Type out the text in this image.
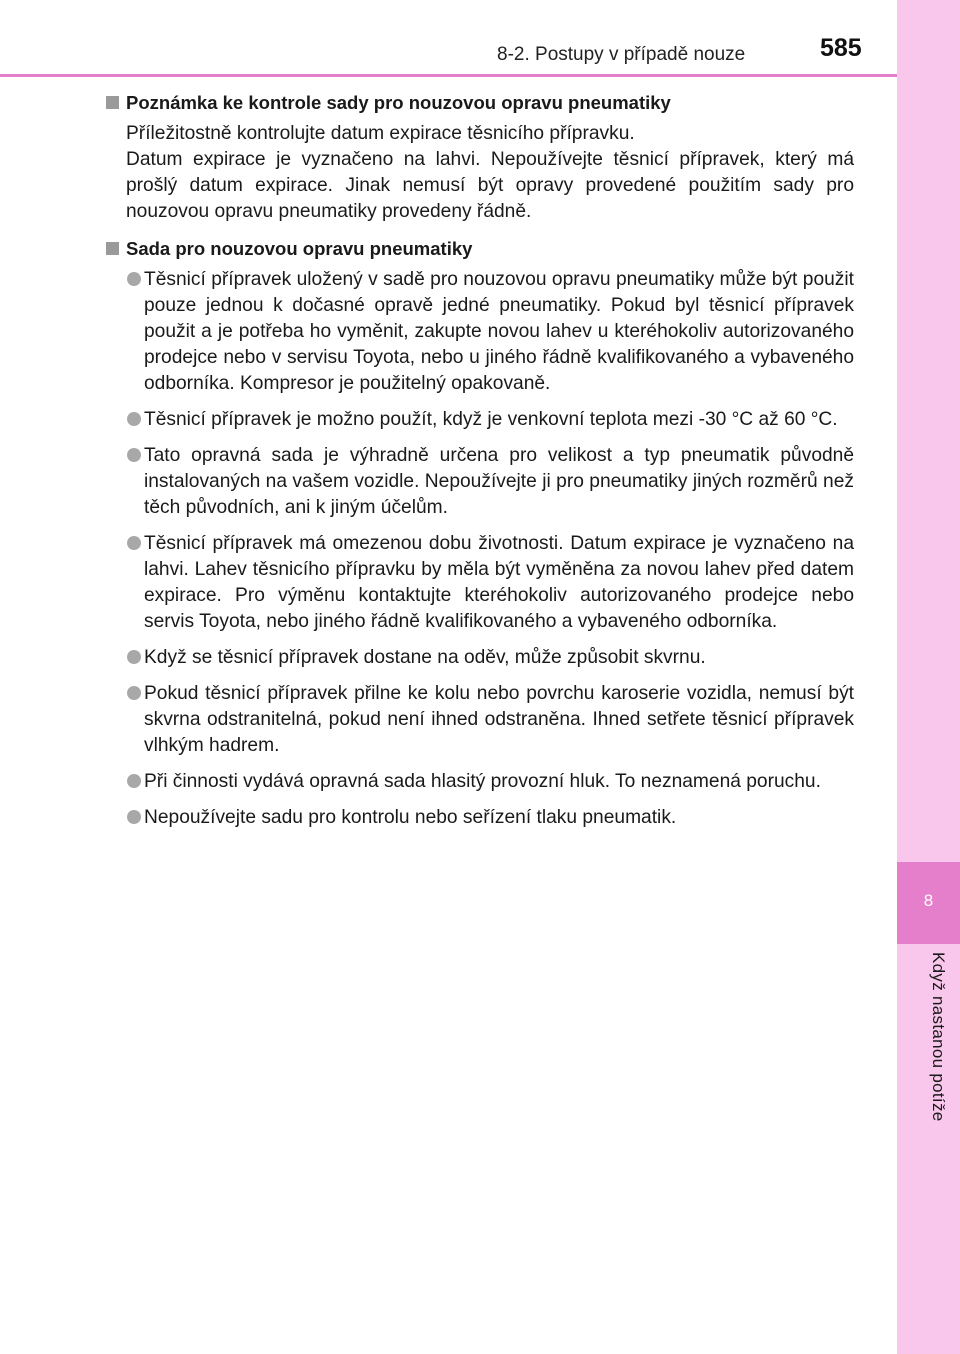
8
Když nastanou potíže
8-2. Postupy v případě nouze	585
Poznámka ke kontrole sady pro nouzovou opravu pneumatiky
Příležitostně kontrolujte datum expirace těsnicího přípravku.
Datum expirace je vyznačeno na lahvi. Nepoužívejte těsnicí přípravek, který má prošlý datum expirace. Jinak nemusí být opravy provedené použitím sady pro nouzovou opravu pneumatiky provedeny řádně.
Sada pro nouzovou opravu pneumatiky
Těsnicí přípravek uložený v sadě pro nouzovou opravu pneumatiky může být použit pouze jednou k dočasné opravě jedné pneumatiky. Pokud byl těsnicí přípravek použit a je potřeba ho vyměnit, zakupte novou lahev u kteréhokoliv autorizovaného prodejce nebo v servisu Toyota, nebo u jiného řádně kvalifikovaného a vybaveného odborníka. Kompresor je použitelný opakovaně.
Těsnicí přípravek je možno použít, když je venkovní teplota mezi -30 °C až 60 °C.
Tato opravná sada je výhradně určena pro velikost a typ pneumatik původně instalovaných na vašem vozidle. Nepoužívejte ji pro pneumatiky jiných rozměrů než těch původních, ani k jiným účelům.
Těsnicí přípravek má omezenou dobu životnosti. Datum expirace je vyznačeno na lahvi. Lahev těsnicího přípravku by měla být vyměněna za novou lahev před datem expirace. Pro výměnu kontaktujte kteréhokoliv autorizovaného prodejce nebo servis Toyota, nebo jiného řádně kvalifikovaného a vybaveného odborníka.
Když se těsnicí přípravek dostane na oděv, může způsobit skvrnu.
Pokud těsnicí přípravek přilne ke kolu nebo povrchu karoserie vozidla, nemusí být skvrna odstranitelná, pokud není ihned odstraněna. Ihned setřete těsnicí přípravek vlhkým hadrem.
Při činnosti vydává opravná sada hlasitý provozní hluk. To neznamená poruchu.
Nepoužívejte sadu pro kontrolu nebo seřízení tlaku pneumatik.
